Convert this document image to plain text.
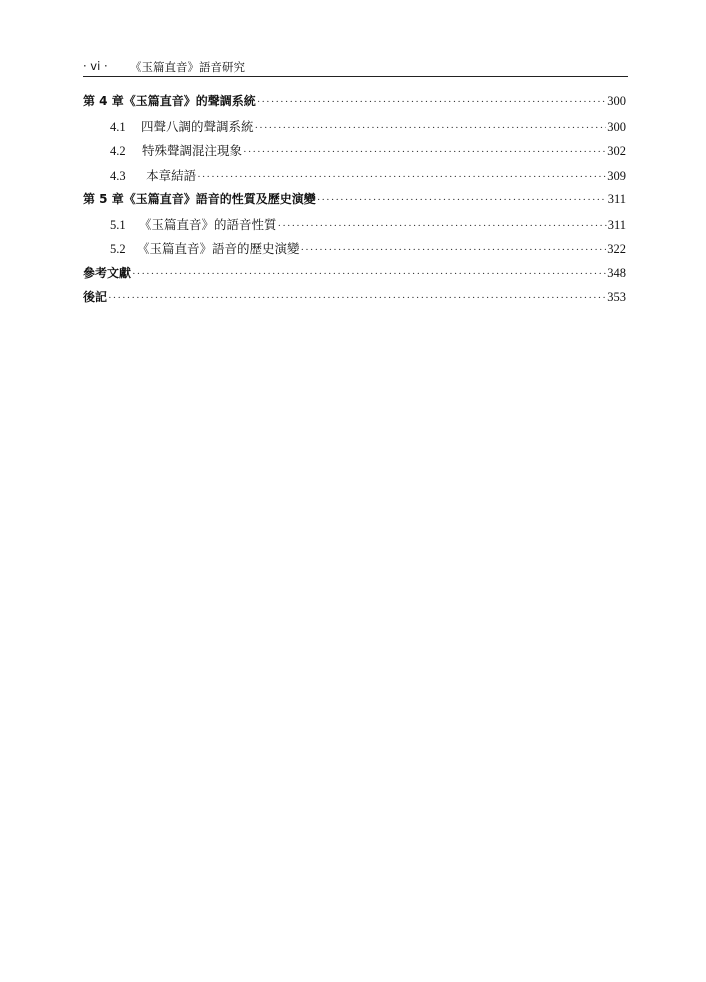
· vi · 《玉篇直音》語音研究
第 4 章 《玉篇直音》的聲調系統 ·····	300
4.1	四聲八調的聲調系統 ·····	300
4.2	特殊聲調混注現象 ·····	302
4.3	本章結語 ·····	309
第 5 章 《玉篇直音》語音的性質及歷史演變 ·····	311
5.1	《玉篇直音》的語音性質 ·····	311
5.2 《玉篇直音》語音的歷史演變 ·····	322
參考文獻 ·····	348
後記 ·····	353
